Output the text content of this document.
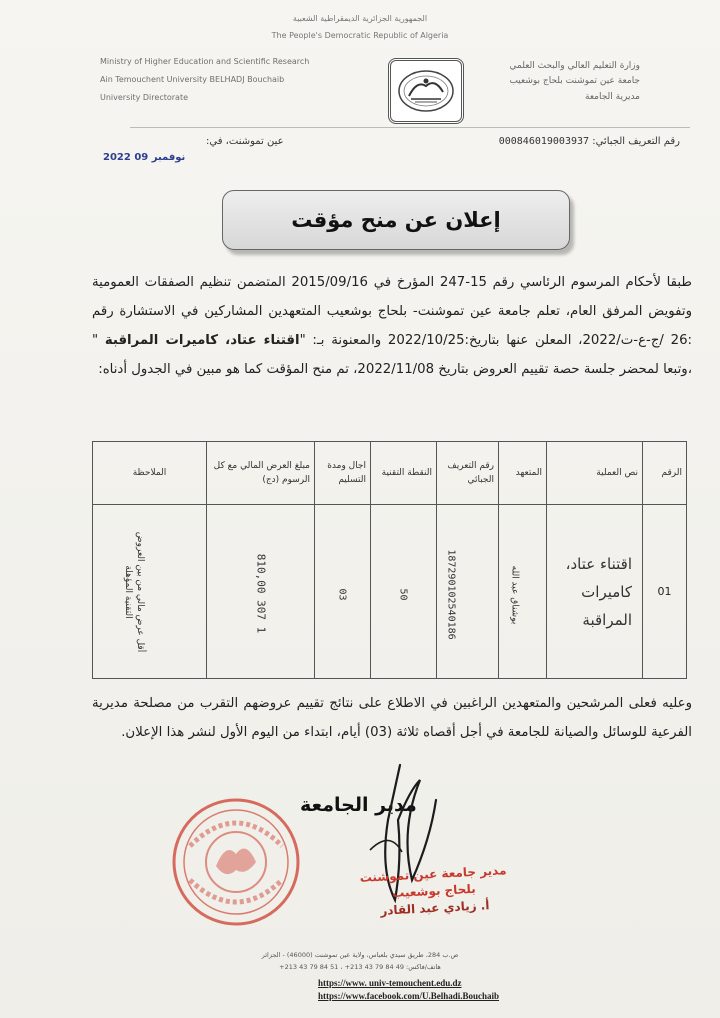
الجمهورية الجزائرية الديمقراطية الشعبية
The People's Democratic Republic of Algeria
Ministry of Higher Education and Scientific Research
Ain Temouchent University BELHADJ Bouchaib
University Directorate
وزارة التعليم العالي والبحث العلمي
جامعة عين تموشنت بلحاج بوشعيب
مديرية الجامعة
رقم التعريف الجبائي: 000846019003937
عين تموشنت، في:
2022 نوفمبر 09
إعلان عن منح مؤقت
طبقا لأحكام المرسوم الرئاسي رقم 15-247 المؤرخ في 2015/09/16 المتضمن تنظيم الصفقات العمومية وتفويض المرفق العام، تعلم جامعة عين تموشنت- بلحاج بوشعيب المتعهدين المشاركين في الاستشارة رقم :26 /ج-ع-ت/2022، المعلن عنها بتاريخ:2022/10/25 والمعنونة بـ: "اقتناء عتاد، كاميرات المراقبة " ،وتبعا لمحضر جلسة حصة تقييم العروض بتاريخ 2022/11/08، تم منح المؤقت كما هو مبين في الجدول أدناه:
الرقم	نص العملية	المتعهد	رقم التعريف الجبائي	النقطة التقنية	اجال ومدة التسليم	مبلغ العرض المالي مع كل الرسوم (دج)	الملاحظة
01	اقتناء عتاد، كاميرات المراقبة	بوشناق عبد الله	187290102540186	50	03	1 307 810,00	أقل عرض مالي من بين العروض التقنية المؤهلة
وعليه فعلى المرشحين والمتعهدين الراغبين في الاطلاع على نتائج تقييم عروضهم التقرب من مصلحة مديرية الفرعية للوسائل والصيانة للجامعة في أجل أقصاه ثلاثة (03) أيام، ابتداء من اليوم الأول لنشر هذا الإعلان.
مدير الجامعة
مدير جامعة عين تموشنت
بلحاج بوشعيب
أ. زيادي عبد القادر
ص.ب 284، طريق سيدي بلعباس، ولاية عين تموشنت (46000) - الجزائر
هاتف/فاكس: 49 84 79 43 213+ ، 51 84 79 43 213+
https://www. univ-temouchent.edu.dz
https://www.facebook.com/U.Belhadi.Bouchaib
